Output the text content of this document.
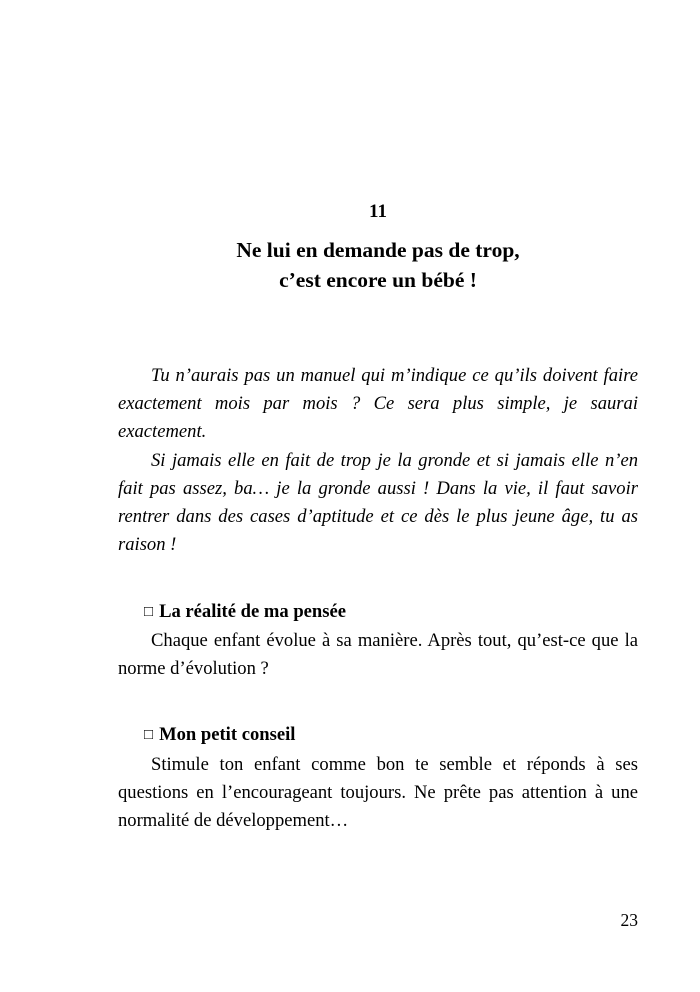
11
Ne lui en demande pas de trop,
c’est encore un bébé !

Tu n’aurais pas un manuel qui m’indique ce qu’ils doivent faire exactement mois par mois ? Ce sera plus simple, je saurai exactement.

Si jamais elle en fait de trop je la gronde et si jamais elle n’en fait pas assez, ba… je la gronde aussi ! Dans la vie, il faut savoir rentrer dans des cases d’aptitude et ce dès le plus jeune âge, tu as raison !

□ La réalité de ma pensée

Chaque enfant évolue à sa manière. Après tout, qu’est-ce que la norme d’évolution ?

□ Mon petit conseil

Stimule ton enfant comme bon te semble et réponds à ses questions en l’encourageant toujours. Ne prête pas attention à une normalité de développement…

23
